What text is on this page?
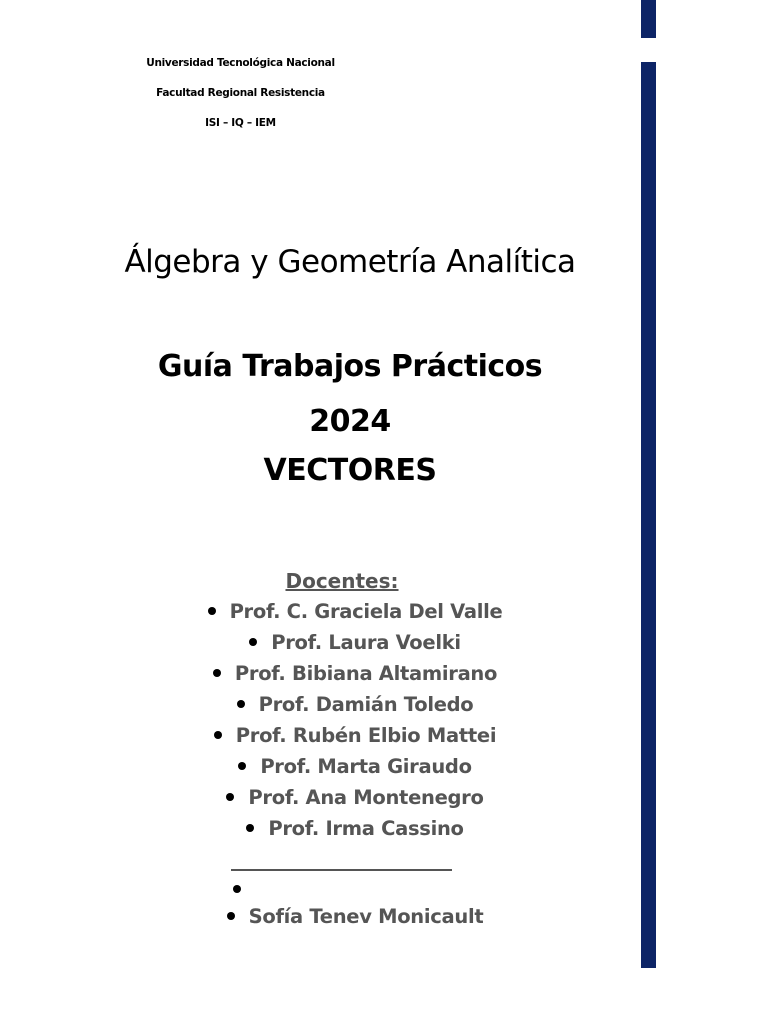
Universidad Tecnológica Nacional
Facultad Regional Resistencia
ISI – IQ – IEM
Álgebra y Geometría Analítica
Guía Trabajos Prácticos
2024
VECTORES
Docentes:
Prof. C. Graciela Del Valle
Prof. Laura Voelki
Prof. Bibiana Altamirano
Prof. Damián Toledo
Prof. Rubén Elbio Mattei
Prof. Marta Giraudo
Prof. Ana Montenegro
Prof. Irma Cassino
Sofía Tenev Monicault
